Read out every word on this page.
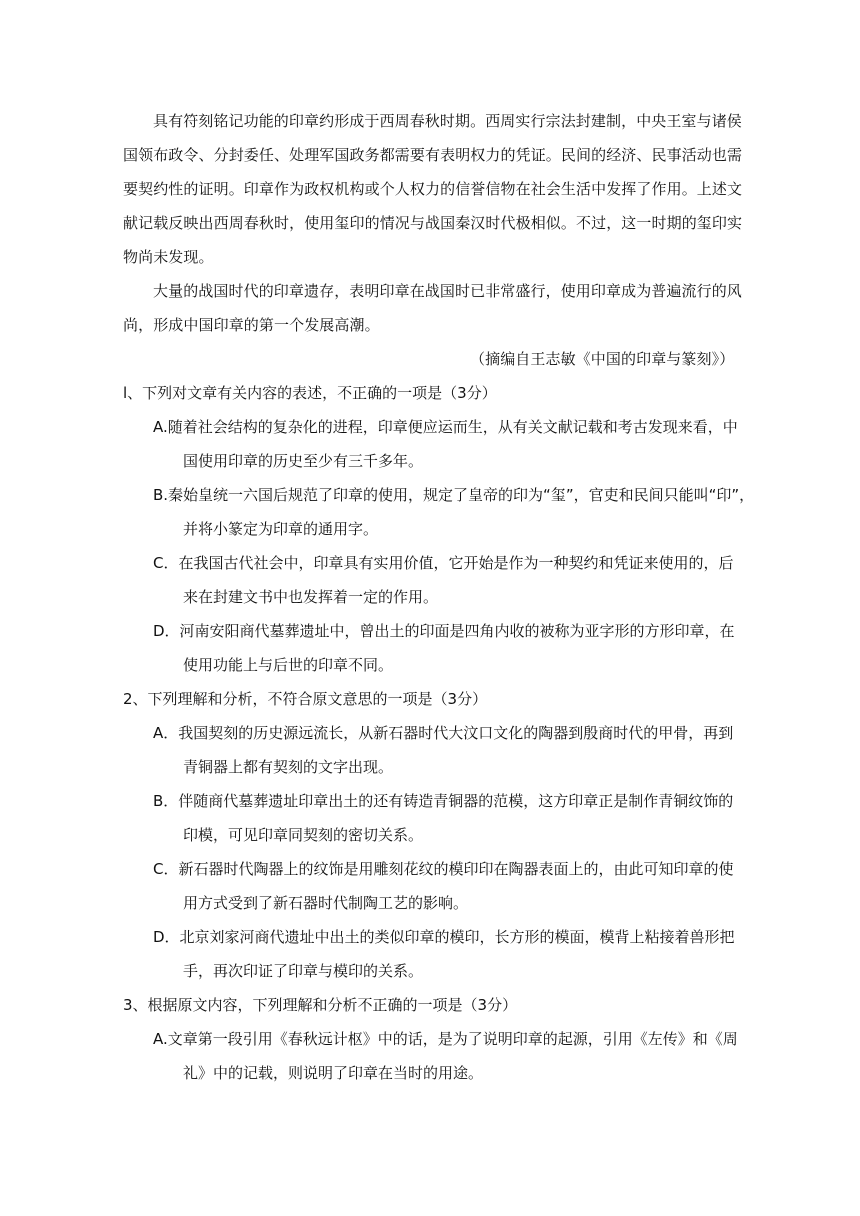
具有符刻铭记功能的印章约形成于西周春秋时期。西周实行宗法封建制，中央王室与诸侯
国领布政令、分封委任、处理军国政务都需要有表明权力的凭证。民间的经济、民事活动也需
要契约性的证明。印章作为政权机构或个人权力的信誉信物在社会生活中发挥了作用。上述文
献记载反映出西周春秋时，使用玺印的情况与战国秦汉时代极相似。不过，这一时期的玺印实
物尚未发现。
大量的战国时代的印章遗存，表明印章在战国时已非常盛行，使用印章成为普遍流行的风
尚，形成中国印章的第一个发展高潮。
（摘编自王志敏《中国的印章与篆刻》）
l、下列对文章有关内容的表述，不正确的一项是（3分）
A.随着社会结构的复杂化的进程，印章便应运而生，从有关文献记载和考古发现来看，中
国使用印章的历史至少有三千多年。
B.秦始皇统一六国后规范了印章的使用，规定了皇帝的印为“玺”，官吏和民间只能叫“印”，
并将小篆定为印章的通用字。
C．在我国古代社会中，印章具有实用价值，它开始是作为一种契约和凭证来使用的，后
来在封建文书中也发挥着一定的作用。
D．河南安阳商代墓葬遗址中，曾出土的印面是四角内收的被称为亚字形的方形印章，在
使用功能上与后世的印章不同。
2、下列理解和分析，不符合原文意思的一项是（3分）
A．我国契刻的历史源远流长，从新石器时代大汶口文化的陶器到殷商时代的甲骨，再到
青铜器上都有契刻的文字出现。
B．伴随商代墓葬遗址印章出土的还有铸造青铜器的范模，这方印章正是制作青铜纹饰的
印模，可见印章同契刻的密切关系。
C．新石器时代陶器上的纹饰是用雕刻花纹的模印印在陶器表面上的，由此可知印章的使
用方式受到了新石器时代制陶工艺的影响。
D．北京刘家河商代遗址中出土的类似印章的模印，长方形的模面，模背上粘接着兽形把
手，再次印证了印章与模印的关系。
3、根据原文内容，下列理解和分析不正确的一项是（3分）
A.文章第一段引用《春秋远计枢》中的话，是为了说明印章的起源，引用《左传》和《周
礼》中的记载，则说明了印章在当时的用途。
